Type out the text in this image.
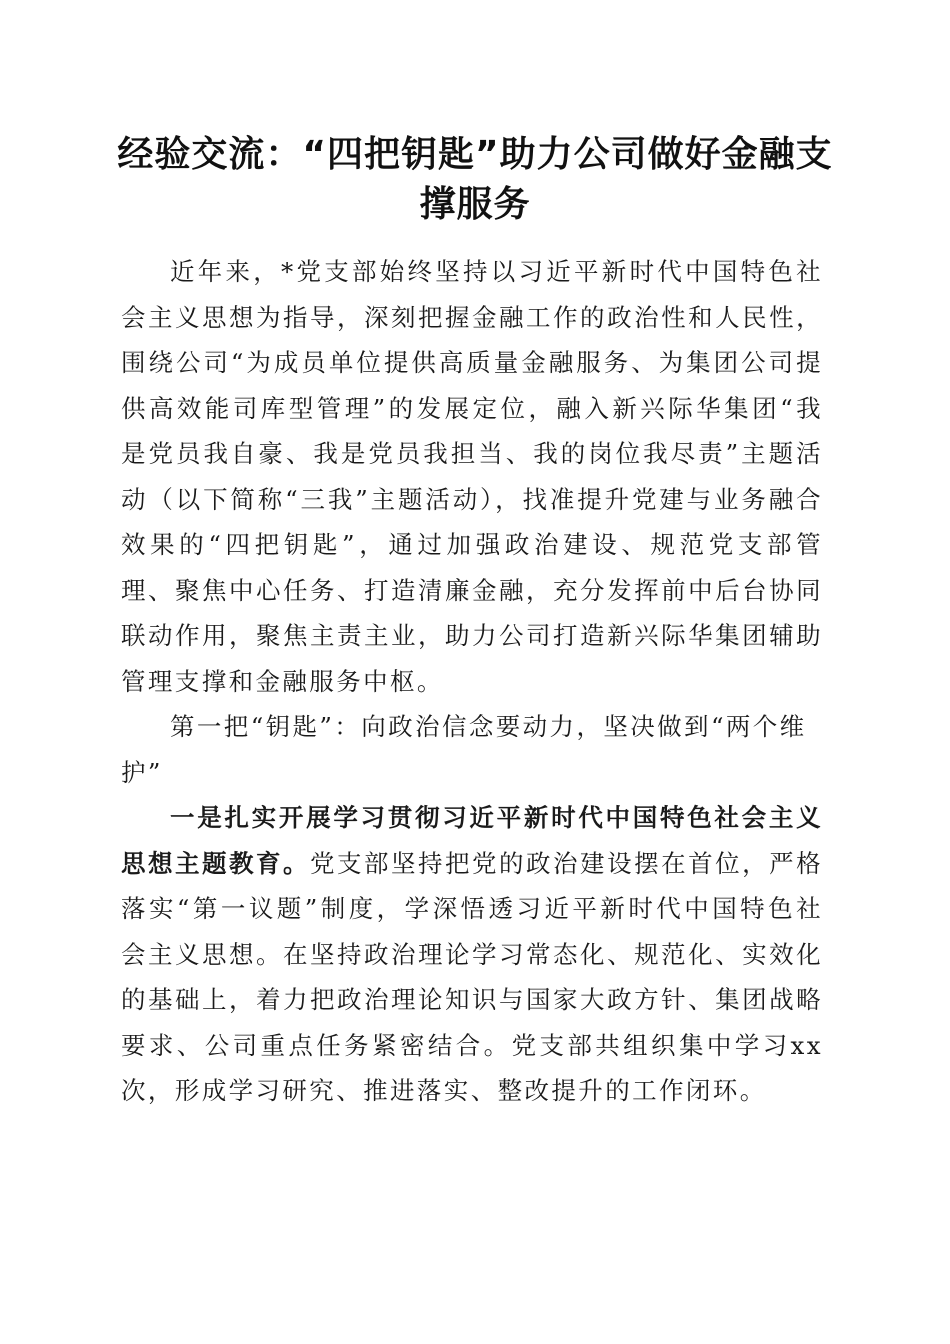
经验交流：“四把钥匙”助力公司做好金融支撑服务

近年来，*党支部始终坚持以习近平新时代中国特色社会主义思想为指导，深刻把握金融工作的政治性和人民性，围绕公司“为成员单位提供高质量金融服务、为集团公司提供高效能司库型管理”的发展定位，融入新兴际华集团“我是党员我自豪、我是党员我担当、我的岗位我尽责”主题活动（以下简称“三我”主题活动），找准提升党建与业务融合效果的“四把钥匙”，通过加强政治建设、规范党支部管理、聚焦中心任务、打造清廉金融，充分发挥前中后台协同联动作用，聚焦主责主业，助力公司打造新兴际华集团辅助管理支撑和金融服务中枢。

第一把“钥匙”：向政治信念要动力，坚决做到“两个维护”

一是扎实开展学习贯彻习近平新时代中国特色社会主义思想主题教育。党支部坚持把党的政治建设摆在首位，严格落实“第一议题”制度，学深悟透习近平新时代中国特色社会主义思想。在坚持政治理论学习常态化、规范化、实效化的基础上，着力把政治理论知识与国家大政方针、集团战略要求、公司重点任务紧密结合。党支部共组织集中学习xx次，形成学习研究、推进落实、整改提升的工作闭环。
